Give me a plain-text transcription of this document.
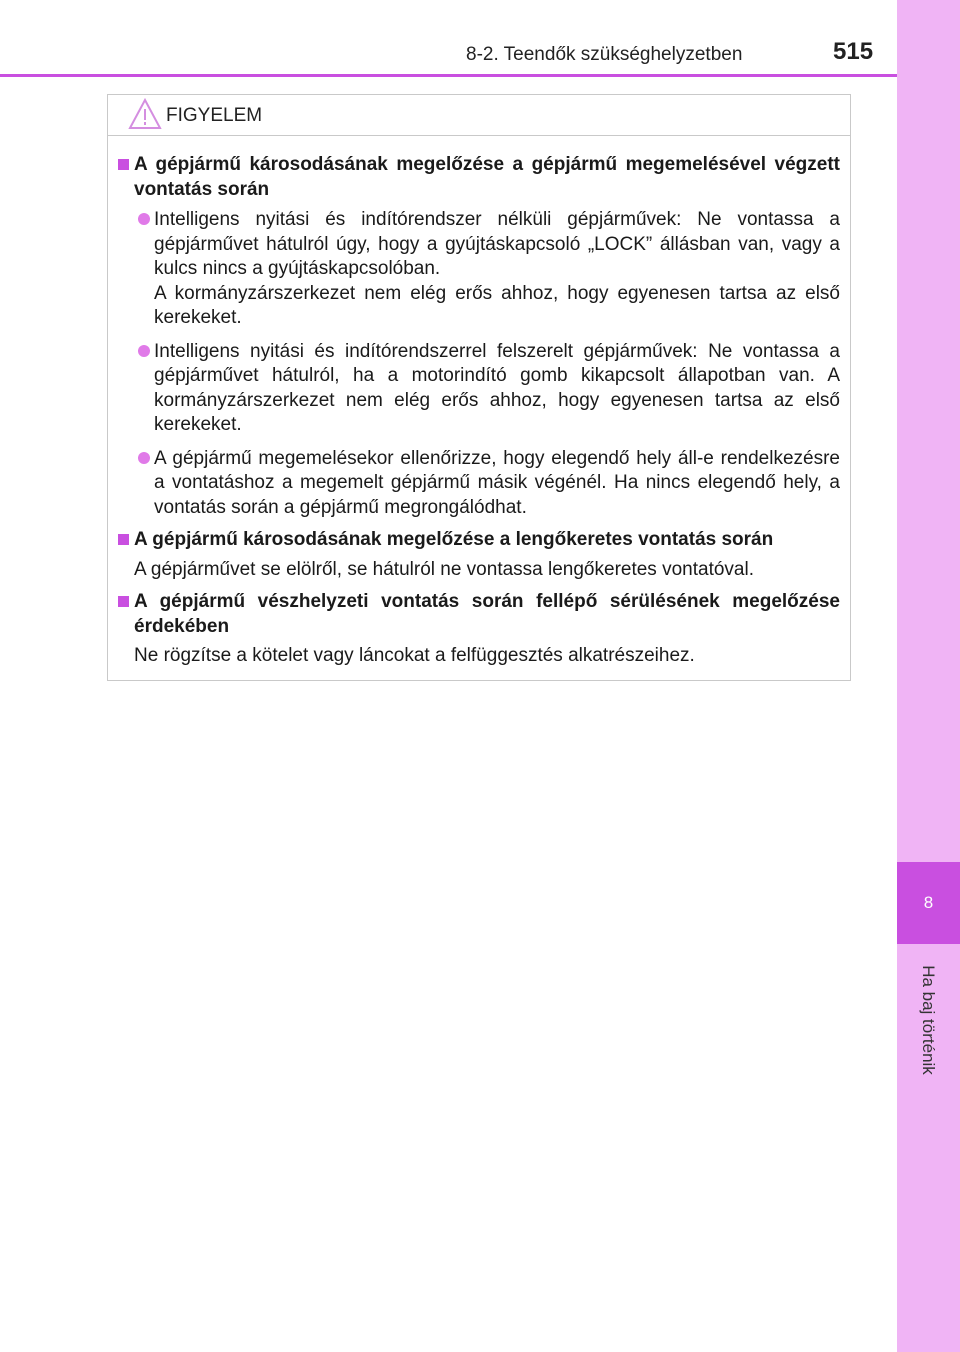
8
Ha baj történik
8-2. Teendők szükséghelyzetben	515
FIGYELEM
A gépjármű károsodásának megelőzése a gépjármű megemelésével végzett vontatás során
Intelligens nyitási és indítórendszer nélküli gépjárművek: Ne vontassa a gépjárművet hátulról úgy, hogy a gyújtáskapcsoló „LOCK” állásban van, vagy a kulcs nincs a gyújtáskapcsolóban.
A kormányzárszerkezet nem elég erős ahhoz, hogy egyenesen tartsa az első kerekeket.
Intelligens nyitási és indítórendszerrel felszerelt gépjárművek: Ne vontassa a gépjárművet hátulról, ha a motorindító gomb kikapcsolt állapotban van. A kormányzárszerkezet nem elég erős ahhoz, hogy egyenesen tartsa az első kerekeket.
A gépjármű megemelésekor ellenőrizze, hogy elegendő hely áll-e rendelkezésre a vontatáshoz a megemelt gépjármű másik végénél. Ha nincs elegendő hely, a vontatás során a gépjármű megrongálódhat.
A gépjármű károsodásának megelőzése a lengőkeretes vontatás során
A gépjárművet se elölről, se hátulról ne vontassa lengőkeretes vontatóval.
A gépjármű vészhelyzeti vontatás során fellépő sérülésének megelőzése érdekében
Ne rögzítse a kötelet vagy láncokat a felfüggesztés alkatrészeihez.
